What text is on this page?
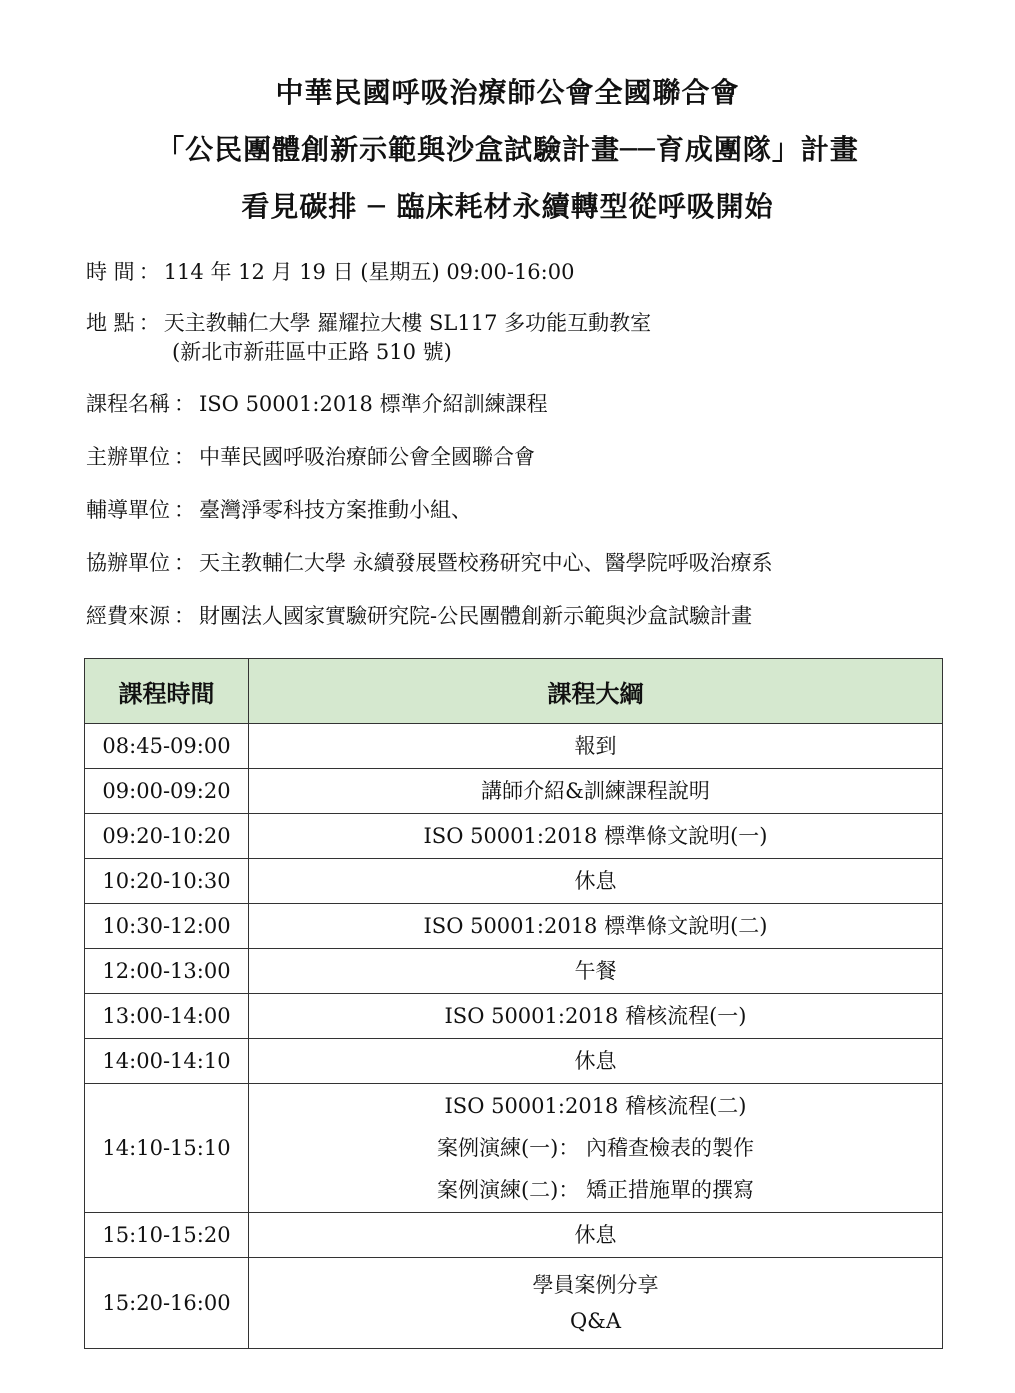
中華民國呼吸治療師公會全國聯合會
「公民團體創新示範與沙盒試驗計畫──育成團隊」計畫
看見碳排 ─ 臨床耗材永續轉型從呼吸開始
時 間 ： 114 年 12 月 19 日 (星期五) 09:00-16:00
地 點 ： 天主教輔仁大學 羅耀拉大樓 SL117 多功能互動教室
(新北市新莊區中正路 510 號)
課程名稱 ： ISO 50001:2018 標準介紹訓練課程
主辦單位 ： 中華民國呼吸治療師公會全國聯合會
輔導單位 ： 臺灣淨零科技方案推動小組、
協辦單位 ： 天主教輔仁大學 永續發展暨校務研究中心、醫學院呼吸治療系
經費來源 ： 財團法人國家實驗研究院-公民團體創新示範與沙盒試驗計畫
課程時間	課程大綱
08:45-09:00	報到

09:00-09:20	講師介紹&訓練課程說明

09:20-10:20	ISO 50001:2018 標準條文說明(一)

10:20-10:30	休息

10:30-12:00	ISO 50001:2018 標準條文說明(二)

12:00-13:00	午餐

13:00-14:00	ISO 50001:2018 稽核流程(一)

14:00-14:10	休息

14:10-15:10	ISO 50001:2018 稽核流程(二)
案例演練(一)： 內稽查檢表的製作
案例演練(二)： 矯正措施單的撰寫

15:10-15:20	休息

15:20-16:00	學員案例分享
Q&A
